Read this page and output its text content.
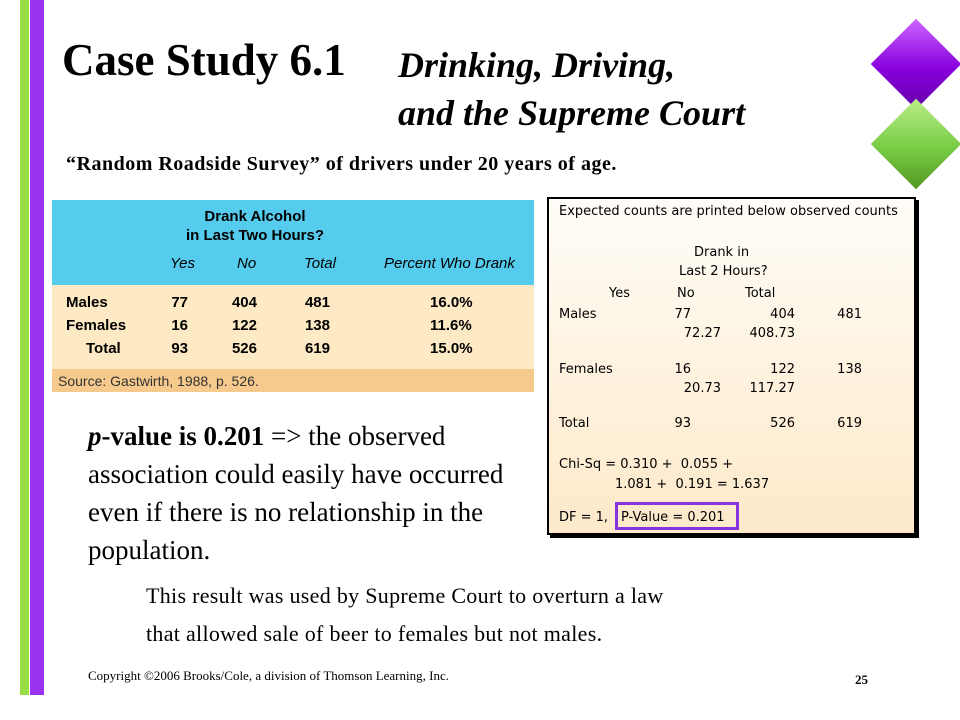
Case Study 6.1 Drinking, Driving,
and the Supreme Court
“Random Roadside Survey” of drivers under 20 years of age.
Drank Alcohol
in Last Two Hours?
Yes	No	Total	Percent Who Drank
Males	77	404	481	16.0%
Females	16	122	138	11.6%
Total	93	526	619	15.0%
Source: Gastwirth, 1988, p. 526.
Expected counts are printed below observed counts
Drank in
Last 2 Hours?
Yes	No	Total
Males	77	404	481
72.27	408.73
Females	16	122	138
20.73	117.27
Total	93	526	619
Chi-Sq = 0.310 +  0.055 +
1.081 +  0.191 = 1.637
DF = 1, P-Value = 0.201
p-value is 0.201 => the observed association could easily have occurred even if there is no relationship in the population.
This result was used by Supreme Court to overturn a law
that allowed sale of beer to females but not males.
Copyright ©2006 Brooks/Cole, a division of Thomson Learning, Inc.	25
